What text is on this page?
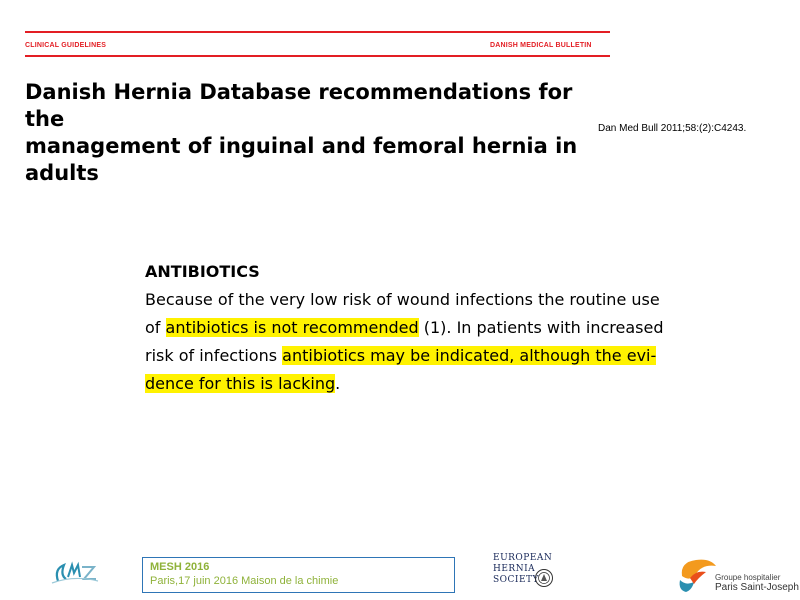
CLINICAL GUIDELINES	DANISH MEDICAL BULLETIN
Danish Hernia Database recommendations for the
management of inguinal and femoral hernia in
adults
Dan Med Bull 2011;58:(2):C4243.
ANTIBIOTICS
Because of the very low risk of wound infections the routine use
of antibiotics is not recommended (1). In patients with increased
risk of infections antibiotics may be indicated, although the evi-
dence for this is lacking.
MESH 2016
Paris,17 juin 2016 Maison de la chimie
EUROPEAN
HERNIA
SOCIETY	Groupe hospitalier
Paris Saint-Joseph
